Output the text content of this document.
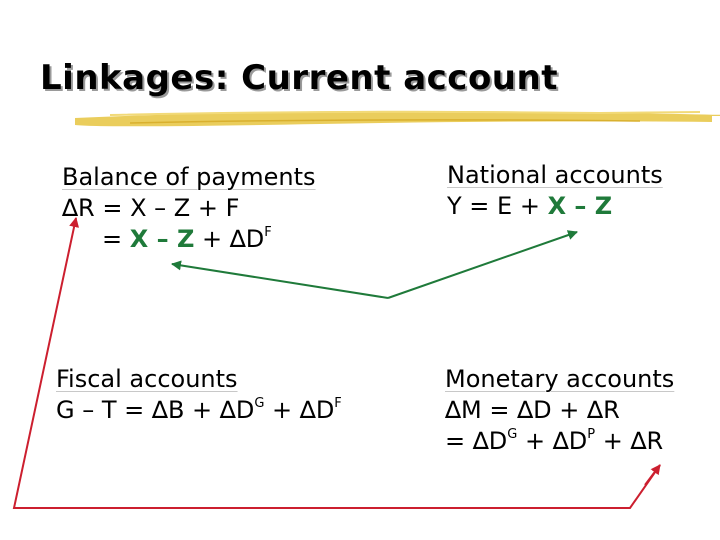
Linkages: Current account
Balance of payments
∆R = X – Z + F
= $X - Z + \Delta D^F$
National accounts
Y = E + X – Z
Fiscal accounts
$G - T = \Delta B + \Delta D^G + \Delta D^F$
Monetary accounts
∆M = ∆D + ∆R
= $\Delta D^G + \Delta D^P + \Delta R$
